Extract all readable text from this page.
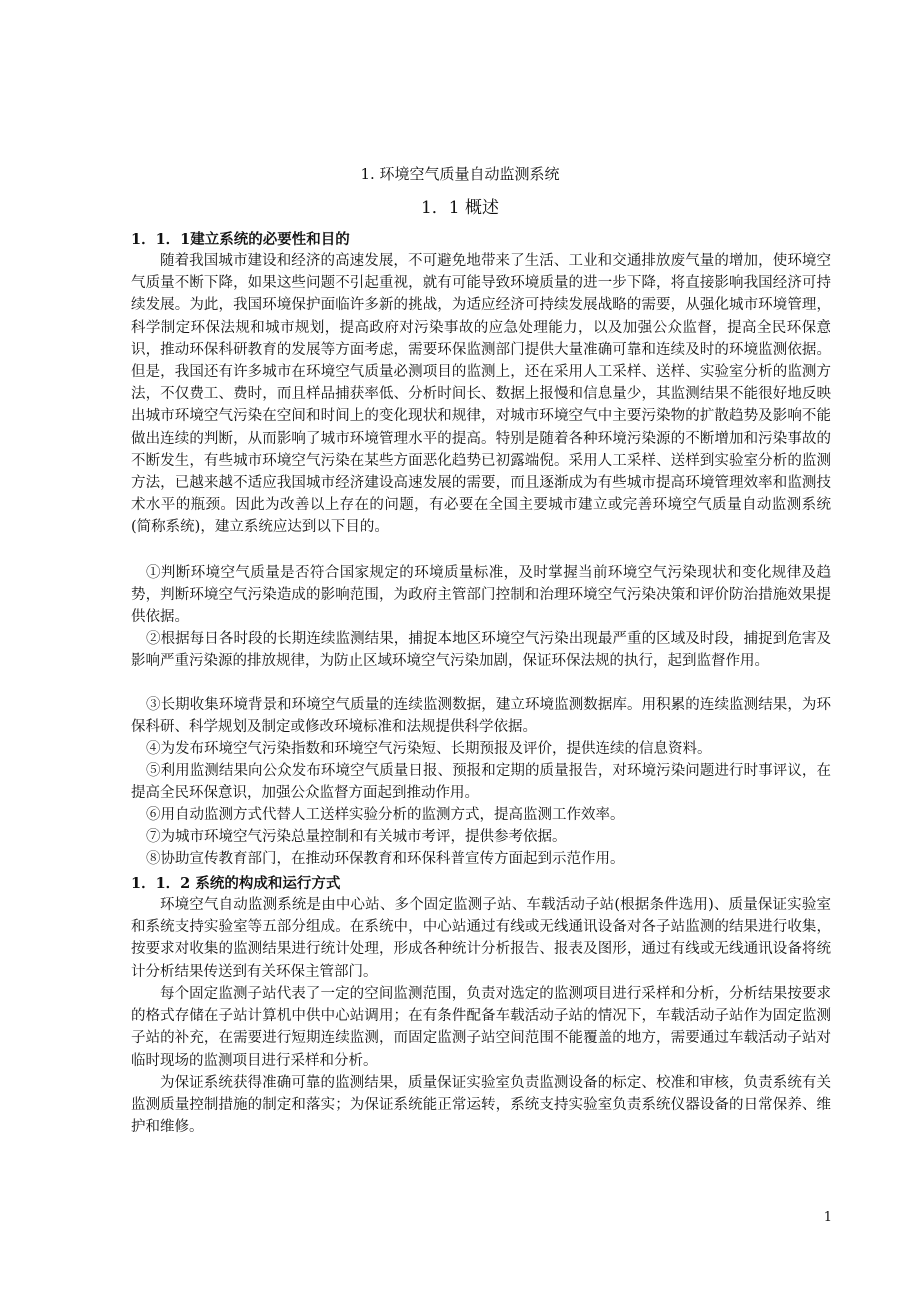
1. 环境空气质量自动监测系统
1．1 概述
1．1．1建立系统的必要性和目的

随着我国城市建设和经济的高速发展，不可避免地带来了生活、工业和交通排放废气量的增加，使环境空气质量不断下降，如果这些问题不引起重视，就有可能导致环境质量的进一步下降，将直接影响我国经济可持续发展。为此，我国环境保护面临许多新的挑战，为适应经济可持续发展战略的需要，从强化城市环境管理，科学制定环保法规和城市规划，提高政府对污染事故的应急处理能力，以及加强公众监督，提高全民环保意识，推动环保科研教育的发展等方面考虑，需要环保监测部门提供大量准确可靠和连续及时的环境监测依据。但是，我国还有许多城市在环境空气质量必测项目的监测上，还在采用人工采样、送样、实验室分析的监测方法，不仅费工、费时，而且样品捕获率低、分析时间长、数据上报慢和信息量少，其监测结果不能很好地反映出城市环境空气污染在空间和时间上的变化现状和规律，对城市环境空气中主要污染物的扩散趋势及影响不能做出连续的判断，从而影响了城市环境管理水平的提高。特别是随着各种环境污染源的不断增加和污染事故的不断发生，有些城市环境空气污染在某些方面恶化趋势已初露端倪。采用人工采样、送样到实验室分析的监测方法，已越来越不适应我国城市经济建设高速发展的需要，而且逐渐成为有些城市提高环境管理效率和监测技术水平的瓶颈。因此为改善以上存在的问题，有必要在全国主要城市建立或完善环境空气质量自动监测系统(简称系统)，建立系统应达到以下目的。

①判断环境空气质量是否符合国家规定的环境质量标准，及时掌握当前环境空气污染现状和变化规律及趋势，判断环境空气污染造成的影响范围，为政府主管部门控制和治理环境空气污染决策和评价防治措施效果提供依据。

②根据每日各时段的长期连续监测结果，捕捉本地区环境空气污染出现最严重的区域及时段，捕捉到危害及影响严重污染源的排放规律，为防止区域环境空气污染加剧，保证环保法规的执行，起到监督作用。

③长期收集环境背景和环境空气质量的连续监测数据，建立环境监测数据库。用积累的连续监测结果，为环保科研、科学规划及制定或修改环境标准和法规提供科学依据。

④为发布环境空气污染指数和环境空气污染短、长期预报及评价，提供连续的信息资料。

⑤利用监测结果向公众发布环境空气质量日报、预报和定期的质量报告，对环境污染问题进行时事评议，在提高全民环保意识，加强公众监督方面起到推动作用。

⑥用自动监测方式代替人工送样实验分析的监测方式，提高监测工作效率。

⑦为城市环境空气污染总量控制和有关城市考评，提供参考依据。

⑧协助宣传教育部门，在推动环保教育和环保科普宣传方面起到示范作用。

1．1．2 系统的构成和运行方式

环境空气自动监测系统是由中心站、多个固定监测子站、车载活动子站(根据条件选用)、质量保证实验室和系统支持实验室等五部分组成。在系统中，中心站通过有线或无线通讯设备对各子站监测的结果进行收集，按要求对收集的监测结果进行统计处理，形成各种统计分析报告、报表及图形，通过有线或无线通讯设备将统计分析结果传送到有关环保主管部门。

每个固定监测子站代表了一定的空间监测范围，负责对选定的监测项目进行采样和分析，分析结果按要求的格式存储在子站计算机中供中心站调用；在有条件配备车载活动子站的情况下，车载活动子站作为固定监测子站的补充，在需要进行短期连续监测，而固定监测子站空间范围不能覆盖的地方，需要通过车载活动子站对临时现场的监测项目进行采样和分析。

为保证系统获得准确可靠的监测结果，质量保证实验室负责监测设备的标定、校准和审核，负责系统有关监测质量控制措施的制定和落实；为保证系统能正常运转，系统支持实验室负责系统仪器设备的日常保养、维护和维修。

1
